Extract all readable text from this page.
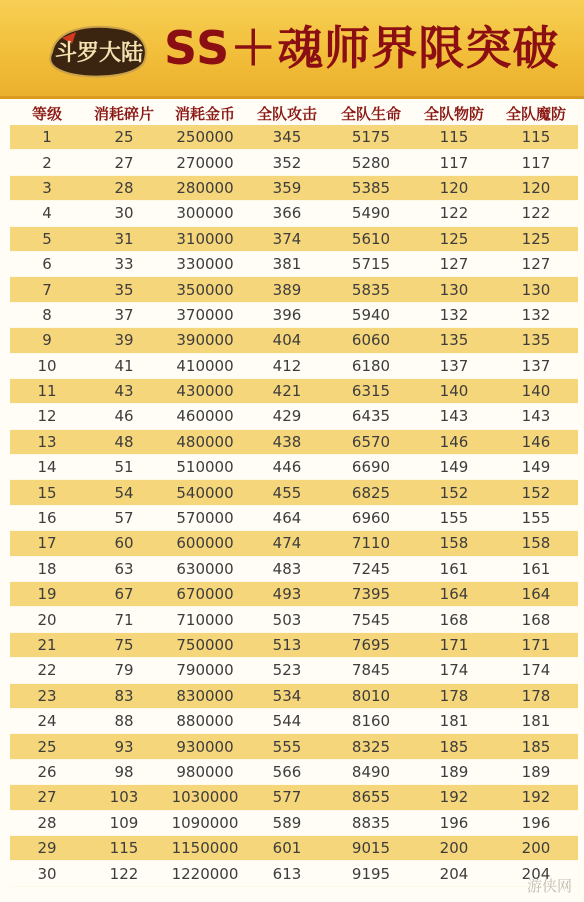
斗罗大陆 SS＋魂师界限突破
等级	消耗碎片	消耗金币	全队攻击	全队生命	全队物防	全队魔防
1	25	250000	345	5175	115	115
2	27	270000	352	5280	117	117
3	28	280000	359	5385	120	120
4	30	300000	366	5490	122	122
5	31	310000	374	5610	125	125
6	33	330000	381	5715	127	127
7	35	350000	389	5835	130	130
8	37	370000	396	5940	132	132
9	39	390000	404	6060	135	135
10	41	410000	412	6180	137	137
11	43	430000	421	6315	140	140
12	46	460000	429	6435	143	143
13	48	480000	438	6570	146	146
14	51	510000	446	6690	149	149
15	54	540000	455	6825	152	152
16	57	570000	464	6960	155	155
17	60	600000	474	7110	158	158
18	63	630000	483	7245	161	161
19	67	670000	493	7395	164	164
20	71	710000	503	7545	168	168
21	75	750000	513	7695	171	171
22	79	790000	523	7845	174	174
23	83	830000	534	8010	178	178
24	88	880000	544	8160	181	181
25	93	930000	555	8325	185	185
26	98	980000	566	8490	189	189
27	103	1030000	577	8655	192	192
28	109	1090000	589	8835	196	196
29	115	1150000	601	9015	200	200
30	122	1220000	613	9195	204	204
游侠网
